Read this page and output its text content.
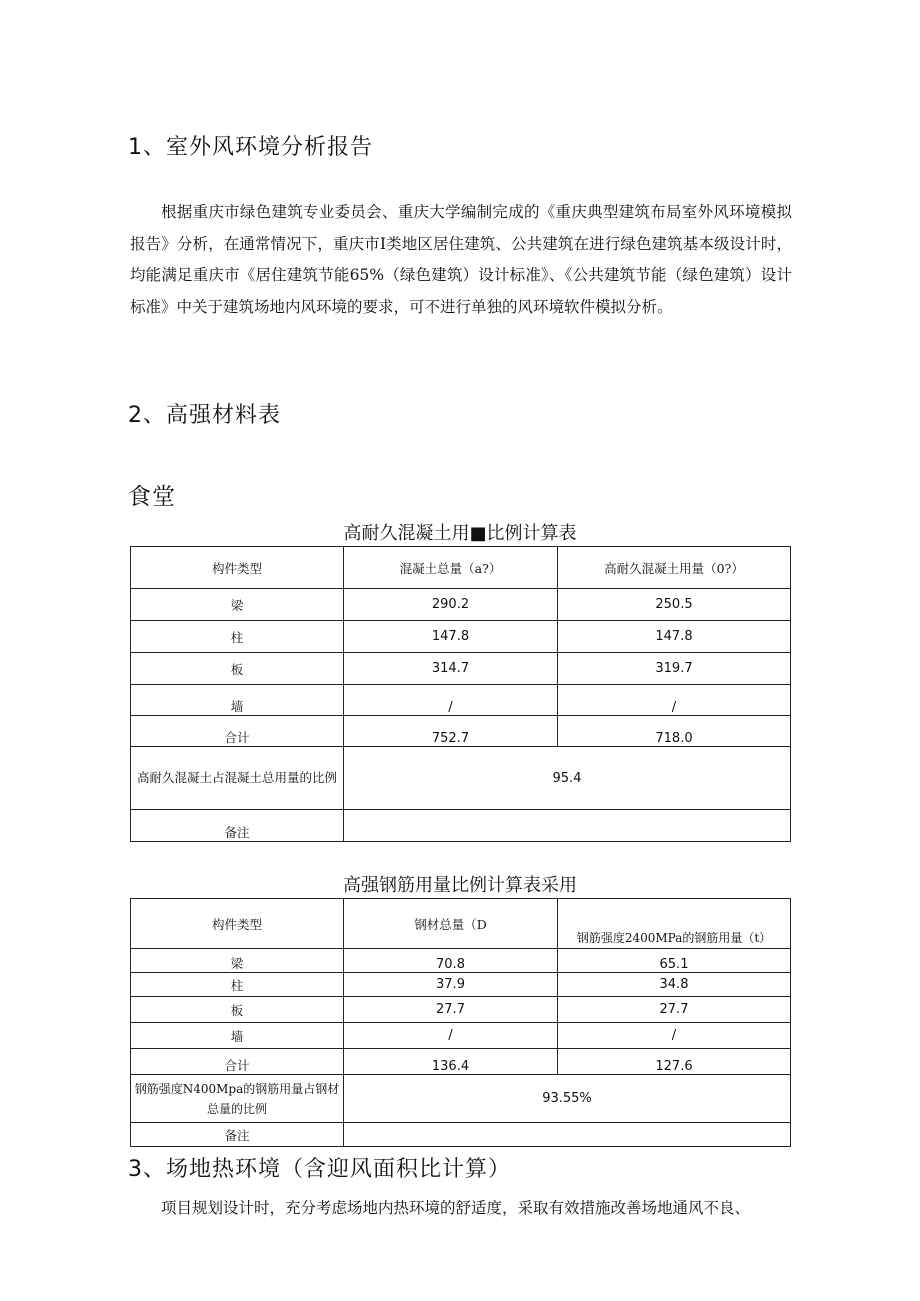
1、室外风环境分析报告

根据重庆市绿色建筑专业委员会、重庆大学编制完成的《重庆典型建筑布局室外风环境模拟报告》分析，在通常情况下，重庆市I类地区居住建筑、公共建筑在进行绿色建筑基本级设计时，均能满足重庆市《居住建筑节能65%（绿色建筑）设计标准》、《公共建筑节能（绿色建筑）设计标准》中关于建筑场地内风环境的要求，可不进行单独的风环境软件模拟分析。

2、高强材料表
食堂
高耐久混凝土用■比例计算表
构件类型	混凝土总量（a?）	高耐久混凝土用量（0?）
梁	290.2	250.5
柱	147.8	147.8
板	314.7	319.7
墙	/	/
合计	752.7	718.0
高耐久混凝土占混凝土总用量的比例	95.4	
备注		
高强钢筋用量比例计算表采用
构件类型	钢材总量（D	钢筋强度2400MPa的钢筋用量（t）
梁	70.8	65.1
柱	37.9	34.8
板	27.7	27.7
墙	/	/
合计	136.4	127.6
钢筋强度N400Mpa的钢筋用量占钢材总量的比例	93.55%	
备注		
3、场地热环境（含迎风面积比计算）

项目规划设计时，充分考虑场地内热环境的舒适度，采取有效措施改善场地通风不良、
